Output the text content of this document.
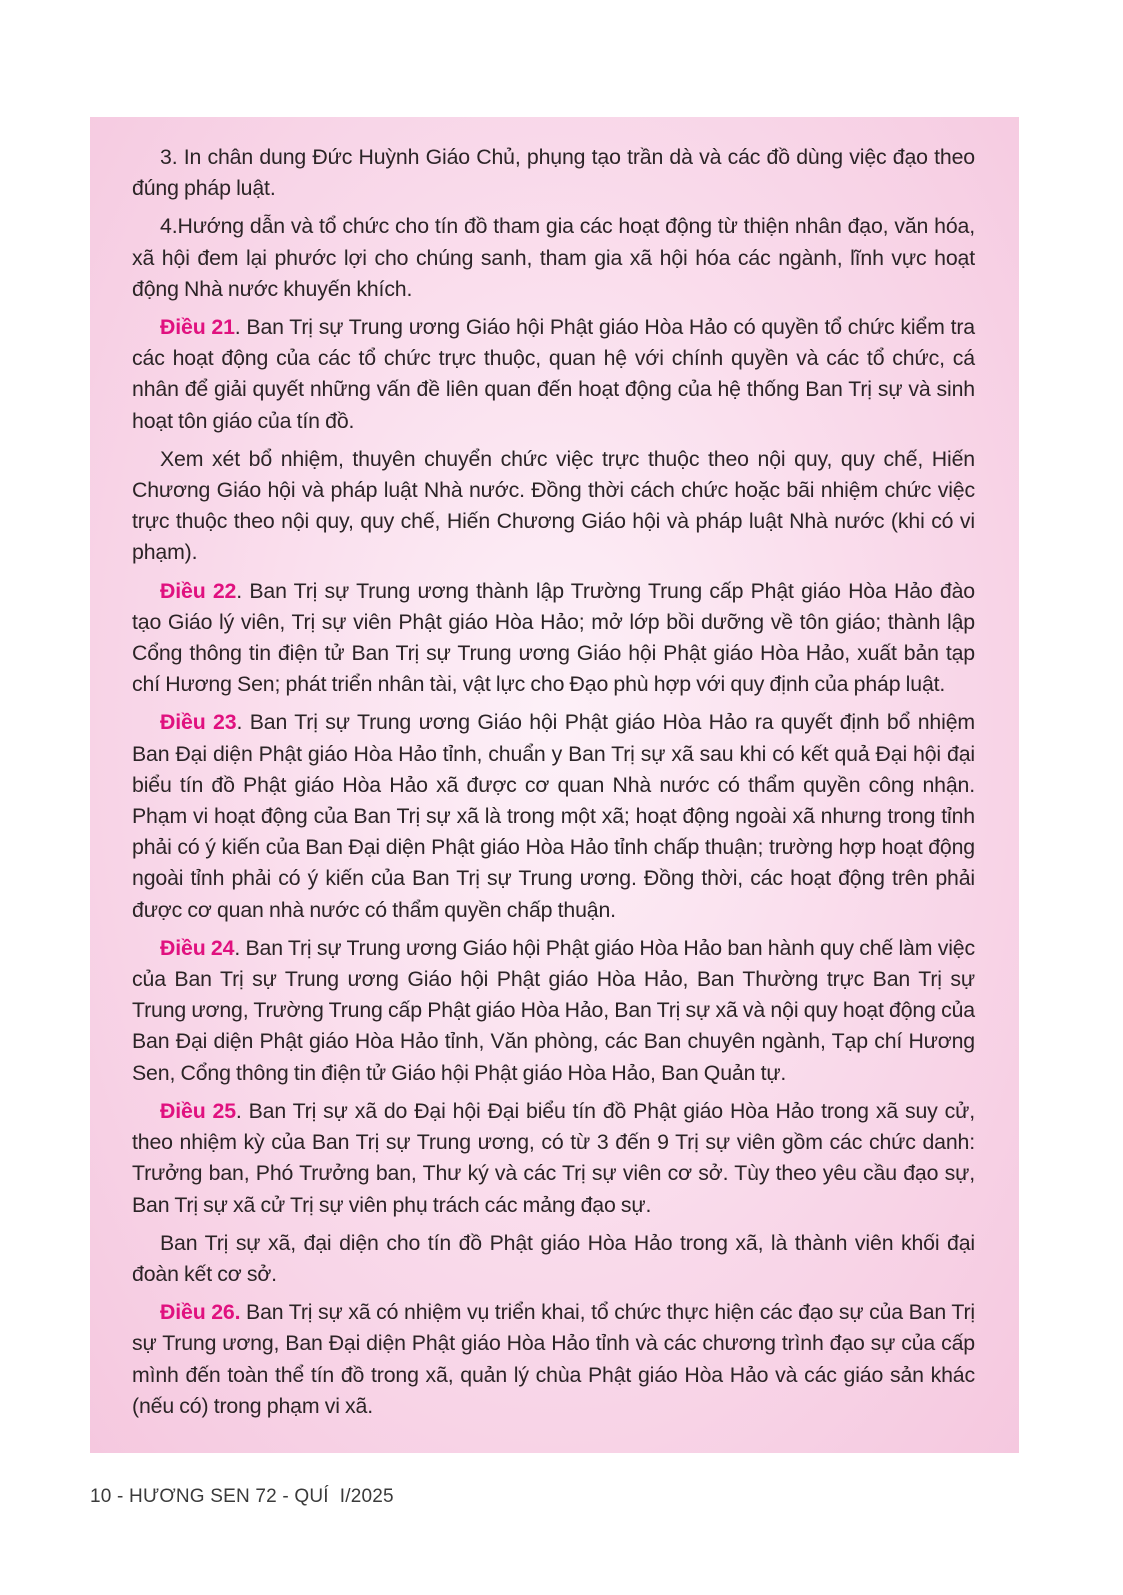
3. In chân dung Đức Huỳnh Giáo Chủ, phụng tạo trần dà và các đồ dùng việc đạo theo đúng pháp luật.

4.Hướng dẫn và tổ chức cho tín đồ tham gia các hoạt động từ thiện nhân đạo, văn hóa, xã hội đem lại phước lợi cho chúng sanh, tham gia xã hội hóa các ngành, lĩnh vực hoạt động Nhà nước khuyến khích.

Điều 21. Ban Trị sự Trung ương Giáo hội Phật giáo Hòa Hảo có quyền tổ chức kiểm tra các hoạt động của các tổ chức trực thuộc, quan hệ với chính quyền và các tổ chức, cá nhân để giải quyết những vấn đề liên quan đến hoạt động của hệ thống Ban Trị sự và sinh hoạt tôn giáo của tín đồ.

Xem xét bổ nhiệm, thuyên chuyển chức việc trực thuộc theo nội quy, quy chế, Hiến Chương Giáo hội và pháp luật Nhà nước. Đồng thời cách chức hoặc bãi nhiệm chức việc trực thuộc theo nội quy, quy chế, Hiến Chương Giáo hội và pháp luật Nhà nước (khi có vi phạm).

Điều 22. Ban Trị sự Trung ương thành lập Trường Trung cấp Phật giáo Hòa Hảo đào tạo Giáo lý viên, Trị sự viên Phật giáo Hòa Hảo; mở lớp bồi dưỡng về tôn giáo; thành lập Cổng thông tin điện tử Ban Trị sự Trung ương Giáo hội Phật giáo Hòa Hảo, xuất bản tạp chí Hương Sen; phát triển nhân tài, vật lực cho Đạo phù hợp với quy định của pháp luật.

Điều 23. Ban Trị sự Trung ương Giáo hội Phật giáo Hòa Hảo ra quyết định bổ nhiệm Ban Đại diện Phật giáo Hòa Hảo tỉnh, chuẩn y Ban Trị sự xã sau khi có kết quả Đại hội đại biểu tín đồ Phật giáo Hòa Hảo xã được cơ quan Nhà nước có thẩm quyền công nhận. Phạm vi hoạt động của Ban Trị sự xã là trong một xã; hoạt động ngoài xã nhưng trong tỉnh phải có ý kiến của Ban Đại diện Phật giáo Hòa Hảo tỉnh chấp thuận; trường hợp hoạt động ngoài tỉnh phải có ý kiến của Ban Trị sự Trung ương. Đồng thời, các hoạt động trên phải được cơ quan nhà nước có thẩm quyền chấp thuận.

Điều 24. Ban Trị sự Trung ương Giáo hội Phật giáo Hòa Hảo ban hành quy chế làm việc của Ban Trị sự Trung ương Giáo hội Phật giáo Hòa Hảo, Ban Thường trực Ban Trị sự Trung ương, Trường Trung cấp Phật giáo Hòa Hảo, Ban Trị sự xã và nội quy hoạt động của Ban Đại diện Phật giáo Hòa Hảo tỉnh, Văn phòng, các Ban chuyên ngành, Tạp chí Hương Sen, Cổng thông tin điện tử Giáo hội Phật giáo Hòa Hảo, Ban Quản tự.

Điều 25. Ban Trị sự xã do Đại hội Đại biểu tín đồ Phật giáo Hòa Hảo trong xã suy cử, theo nhiệm kỳ của Ban Trị sự Trung ương, có từ 3 đến 9 Trị sự viên gồm các chức danh: Trưởng ban, Phó Trưởng ban, Thư ký và các Trị sự viên cơ sở. Tùy theo yêu cầu đạo sự, Ban Trị sự xã cử Trị sự viên phụ trách các mảng đạo sự.

Ban Trị sự xã, đại diện cho tín đồ Phật giáo Hòa Hảo trong xã, là thành viên khối đại đoàn kết cơ sở.

Điều 26. Ban Trị sự xã có nhiệm vụ triển khai, tổ chức thực hiện các đạo sự của Ban Trị sự Trung ương, Ban Đại diện Phật giáo Hòa Hảo tỉnh và các chương trình đạo sự của cấp mình đến toàn thể tín đồ trong xã, quản lý chùa Phật giáo Hòa Hảo và các giáo sản khác (nếu có) trong phạm vi xã.

10 - HƯƠNG SEN 72 - QUÍ  I/2025
